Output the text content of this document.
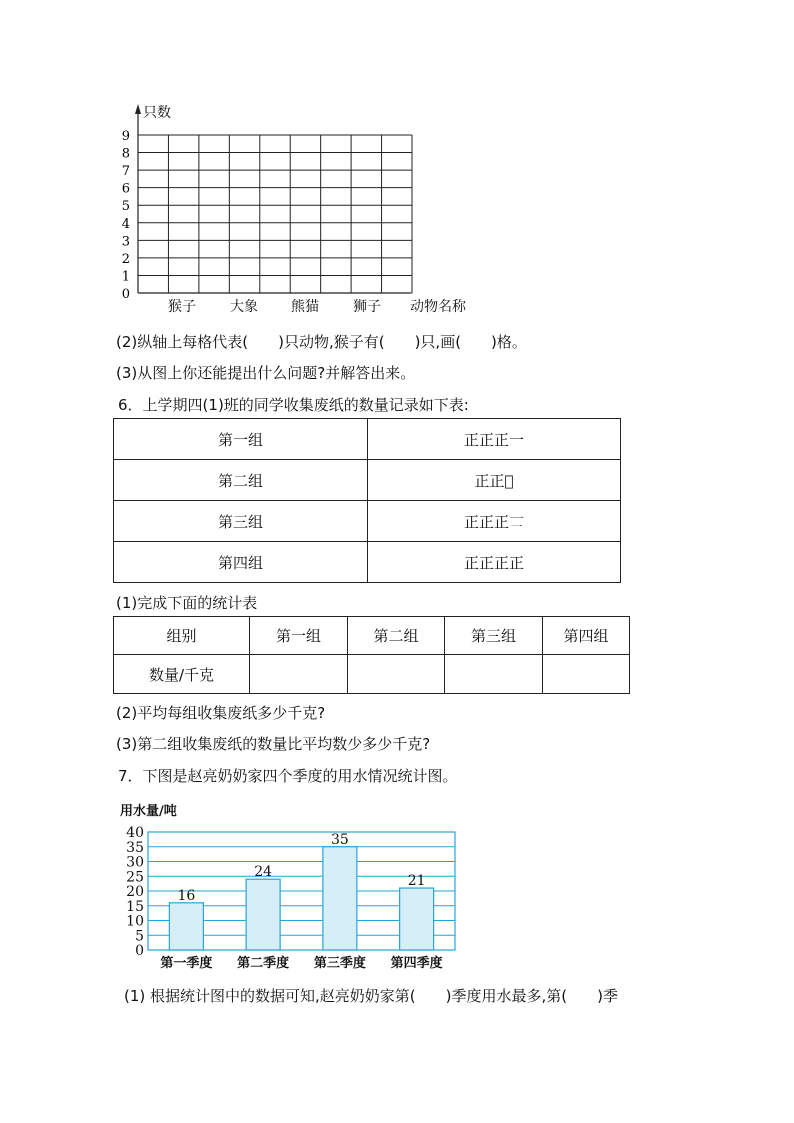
0
1
2
3
4
5
6
7
8
9
只数
猴子 大象 熊猫 狮子 动物名称
(2)纵轴上每格代表(　　)只动物,猴子有(　　)只,画(　　)格。
(3)从图上你还能提出什么问题?并解答出来。
6．上学期四(1)班的同学收集废纸的数量记录如下表:
第一组	正正正⼀
第二组	正正𠀌
第三组	正正正𠄟
第四组	正正正正
(1)完成下面的统计表
组别	第一组	第二组	第三组	第四组
数量/千克				
(2)平均每组收集废纸多少千克?
(3)第二组收集废纸的数量比平均数少多少千克?
7．下图是赵亮奶奶家四个季度的用水情况统计图。
用水量/吨
0
5
10
15
20
25
30
35
40
16
第一季度
24
第二季度
35
第三季度
21
第四季度
(1) 根据统计图中的数据可知,赵亮奶奶家第(　　)季度用水最多,第(　　)季
